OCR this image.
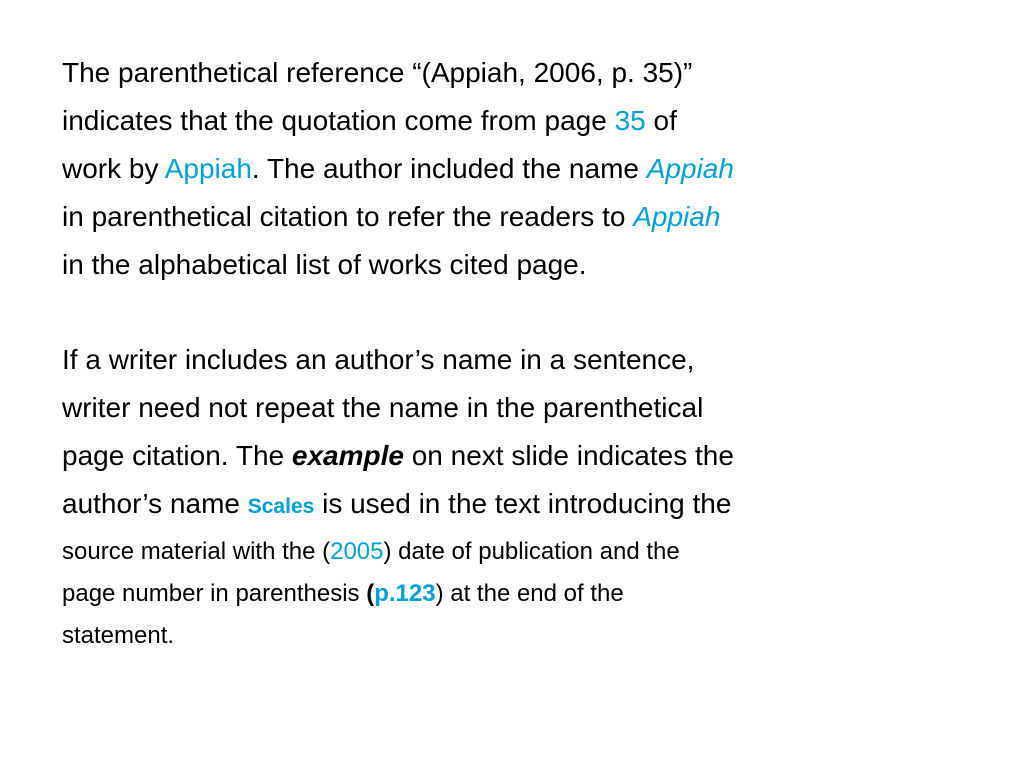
The parenthetical reference “(Appiah, 2006, p. 35)”
indicates that the quotation come from page 35 of
work by Appiah. The author included the name Appiah
in parenthetical citation to refer the readers to Appiah
in the alphabetical list of works cited page.

If a writer includes an author’s name in a sentence,
writer need not repeat the name in the parenthetical
page citation. The example on next slide indicates the
author’s name Scales is used in the text introducing the
source material with the (2005) date of publication and the
page number in parenthesis (p.123) at the end of the
statement.
